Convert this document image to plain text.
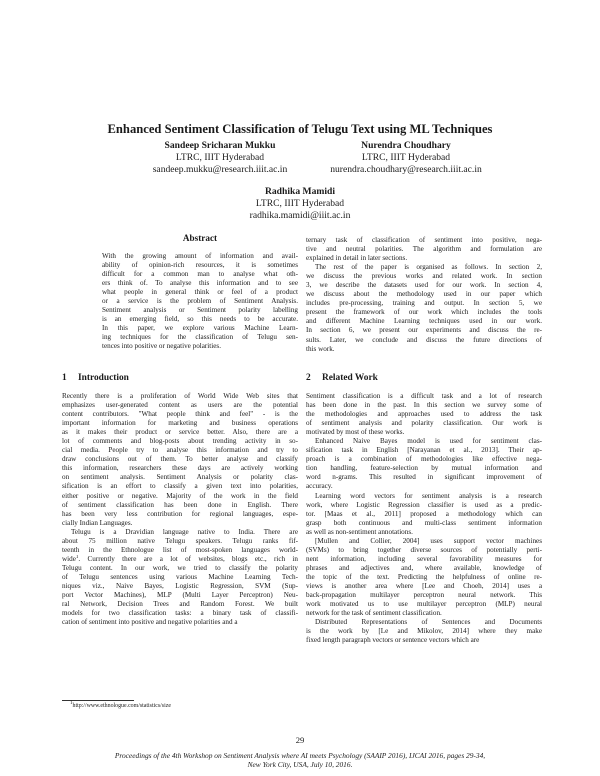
Enhanced Sentiment Classification of Telugu Text using ML Techniques
Sandeep Sricharan Mukku
LTRC, IIIT Hyderabad
sandeep.mukku@research.iiit.ac.in
Nurendra Choudhary
LTRC, IIIT Hyderabad
nurendra.choudhary@research.iiit.ac.in
Radhika Mamidi
LTRC, IIIT Hyderabad
radhika.mamidi@iiit.ac.in
Abstract
With the growing amount of information and avail-
ability of opinion-rich resources, it is sometimes
difficult for a common man to analyse what oth-
ers think of. To analyse this information and to see
what people in general think or feel of a product
or a service is the problem of Sentiment Analysis.
Sentiment analysis or Sentiment polarity labelling
is an emerging field, so this needs to be accurate.
In this paper, we explore various Machine Learn-
ing techniques for the classification of Telugu sen-
tences into positive or negative polarities.
1 Introduction

Recently there is a proliferation of World Wide Web sites that
emphasizes user-generated content as users are the potential
content contributors. "What people think and feel" - is the
important information for marketing and business operations
as it makes their product or service better. Also, there are a
lot of comments and blog-posts about trending activity in so-
cial media. People try to analyse this information and try to
draw conclusions out of them. To better analyse and classify
this information, researchers these days are actively working
on sentiment analysis. Sentiment Analysis or polarity clas-
sification is an effort to classify a given text into polarities,
either positive or negative. Majority of the work in the field
of sentiment classification has been done in English. There
has been very less contribution for regional languages, espe-
cially Indian Languages.

Telugu is a Dravidian language native to India. There are
about 75 million native Telugu speakers. Telugu ranks fif-
teenth in the Ethnologue list of most-spoken languages world-
wide$^1$. Currently there are a lot of websites, blogs etc., rich in
Telugu content. In our work, we tried to classify the polarity
of Telugu sentences using various Machine Learning Tech-
niques viz., Naive Bayes, Logistic Regression, SVM (Sup-
port Vector Machines), MLP (Multi Layer Perceptron) Neu-
ral Network, Decision Trees and Random Forest. We built
models for two classification tasks: a binary task of classifi-
cation of sentiment into positive and negative polarities and a

$^1$http://www.ethnologue.com/statistics/size

ternary task of classification of sentiment into positive, nega-
tive and neutral polarities. The algorithm and formulation are
explained in detail in later sections.

The rest of the paper is organised as follows. In section 2,
we discuss the previous works and related work. In section
3, we describe the datasets used for our work. In section 4,
we discuss about the methodology used in our paper which
includes pre-processing, training and output. In section 5, we
present the framework of our work which includes the tools
and different Machine Learning techniques used in our work.
In section 6, we present our experiments and discuss the re-
sults. Later, we conclude and discuss the future directions of
this work.

2 Related Work

Sentiment classification is a difficult task and a lot of research
has been done in the past. In this section we survey some of
the methodologies and approaches used to address the task
of sentiment analysis and polarity classification. Our work is
motivated by most of these works.

Enhanced Naive Bayes model is used for sentiment clas-
sification task in English [Narayanan et al., 2013]. Their ap-
proach is a combination of methodologies like effective nega-
tion handling, feature-selection by mutual information and
word n-grams. This resulted in significant improvement of
accuracy.

Learning word vectors for sentiment analysis is a research
work, where Logistic Regression classifier is used as a predic-
tor. [Maas et al., 2011] proposed a methodology which can
grasp both continuous and multi-class sentiment information
as well as non-sentiment annotations.

[Mullen and Collier, 2004] uses support vector machines
(SVMs) to bring together diverse sources of potentially perti-
nent information, including several favorability measures for
phrases and adjectives and, where available, knowledge of
the topic of the text. Predicting the helpfulness of online re-
views is another area where [Lee and Choeh, 2014] uses a
back-propagation multilayer perceptron neural network. This
work motivated us to use multilayer perceptron (MLP) neural
network for the task of sentiment classification.

Distributed Representations of Sentences and Documents
is the work by [Le and Mikolov, 2014] where they make
fixed length paragraph vectors or sentence vectors which are

29
Proceedings of the 4th Workshop on Sentiment Analysis where AI meets Psychology (SAAIP 2016), IJCAI 2016, pages 29-34,
New York City, USA, July 10, 2016.
